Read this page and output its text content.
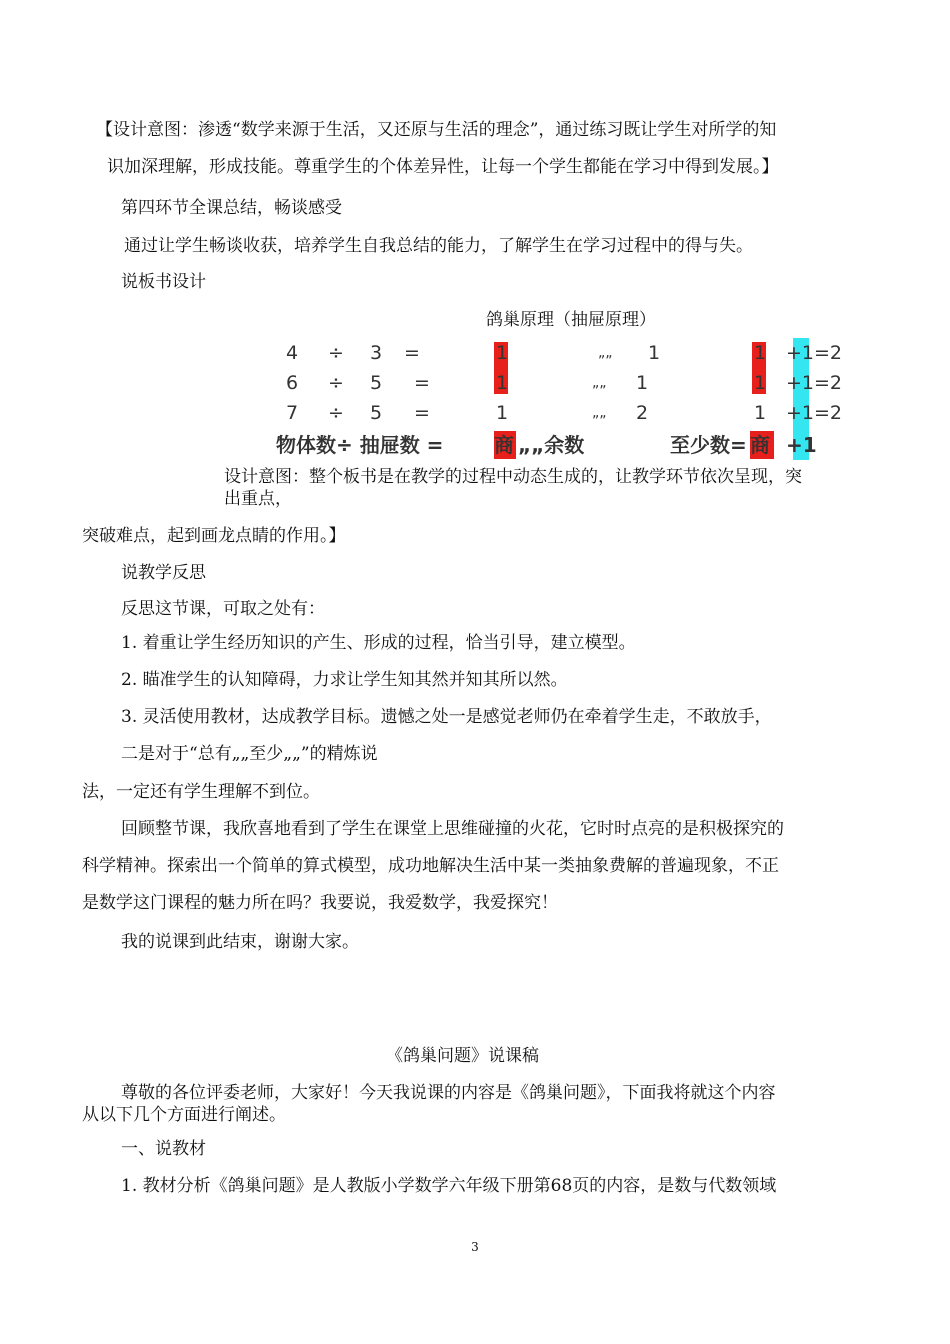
【设计意图：渗透“数学来源于生活，又还原与生活的理念”，通过练习既让学生对所学的知
识加深理解，形成技能。尊重学生的个体差异性，让每一个学生都能在学习中得到发展。】
第四环节全课总结，畅谈感受
通过让学生畅谈收获，培养学生自我总结的能力，了解学生在学习过程中的得与失。
说板书设计
鸽巢原理（抽屉原理）
4 ÷ 3 =	1	„„ 1	1 +1=2
6 ÷ 5 =	1	„„ 1	1 +1=2
7 ÷ 5 =	1	„„ 2	1 +1=2
物体数÷ 抽屉数 =	商 „„余数	至少数= 商 +1
设计意图：整个板书是在教学的过程中动态生成的，让教学环节依次呈现，突
出重点，
突破难点，起到画龙点睛的作用。】
说教学反思
反思这节课，可取之处有：
1. 着重让学生经历知识的产生、形成的过程，恰当引导，建立模型。
2. 瞄准学生的认知障碍，力求让学生知其然并知其所以然。
3. 灵活使用教材，达成教学目标。遗憾之处一是感觉老师仍在牵着学生走，不敢放手，
二是对于“总有„„至少„„”的精炼说
法，一定还有学生理解不到位。
回顾整节课，我欣喜地看到了学生在课堂上思维碰撞的火花，它时时点亮的是积极探究的
科学精神。探索出一个简单的算式模型，成功地解决生活中某一类抽象费解的普遍现象，不正
是数学这门课程的魅力所在吗？我要说，我爱数学，我爱探究！
我的说课到此结束，谢谢大家。
《鸽巢问题》说课稿
尊敬的各位评委老师，大家好！今天我说课的内容是《鸽巢问题》，下面我将就这个内容
从以下几个方面进行阐述。
一、说教材
1. 教材分析《鸽巢问题》是人教版小学数学六年级下册第68页的内容，是数与代数领域
3
